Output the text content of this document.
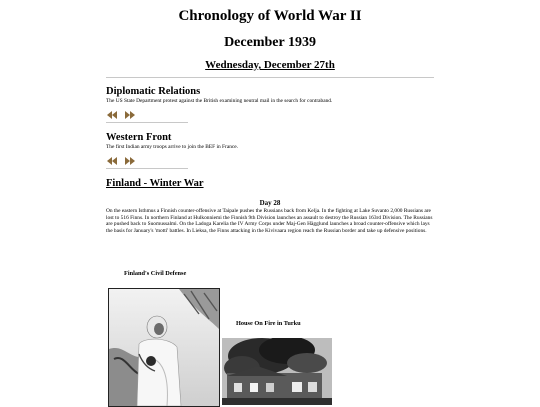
Chronology of World War II
December 1939
Wednesday, December 27th
Diplomatic Relations
The US State Department protest against the British examining neutral mail in the search for contraband.
Western Front
The first Indian army troops arrive to join the BEF in France.
Finland - Winter War
Day 28
On the eastern Isthmus a Finnish counter-offensive at Taipale pushes the Russians back from Kelja. In the fighting at Lake Suvanto 2,000 Russians are lost to 516 Finns. In northern Finland at Hulkonniemi the Finnish 9th Division launches an assault to destroy the Russian 163rd Division. The Russians are pushed back to Suomussalmi. On the Ladoga Karelia the IV Army Corps under Maj-Gen Hägglund launches a broad counter-offensive which lays the basis for January's 'motti' battles. In Lieksa, the Finns attacking in the Kivivaara region reach the Russian border and take up defensive positions.
Finland's Civil Defense
House On Fire in Turku
